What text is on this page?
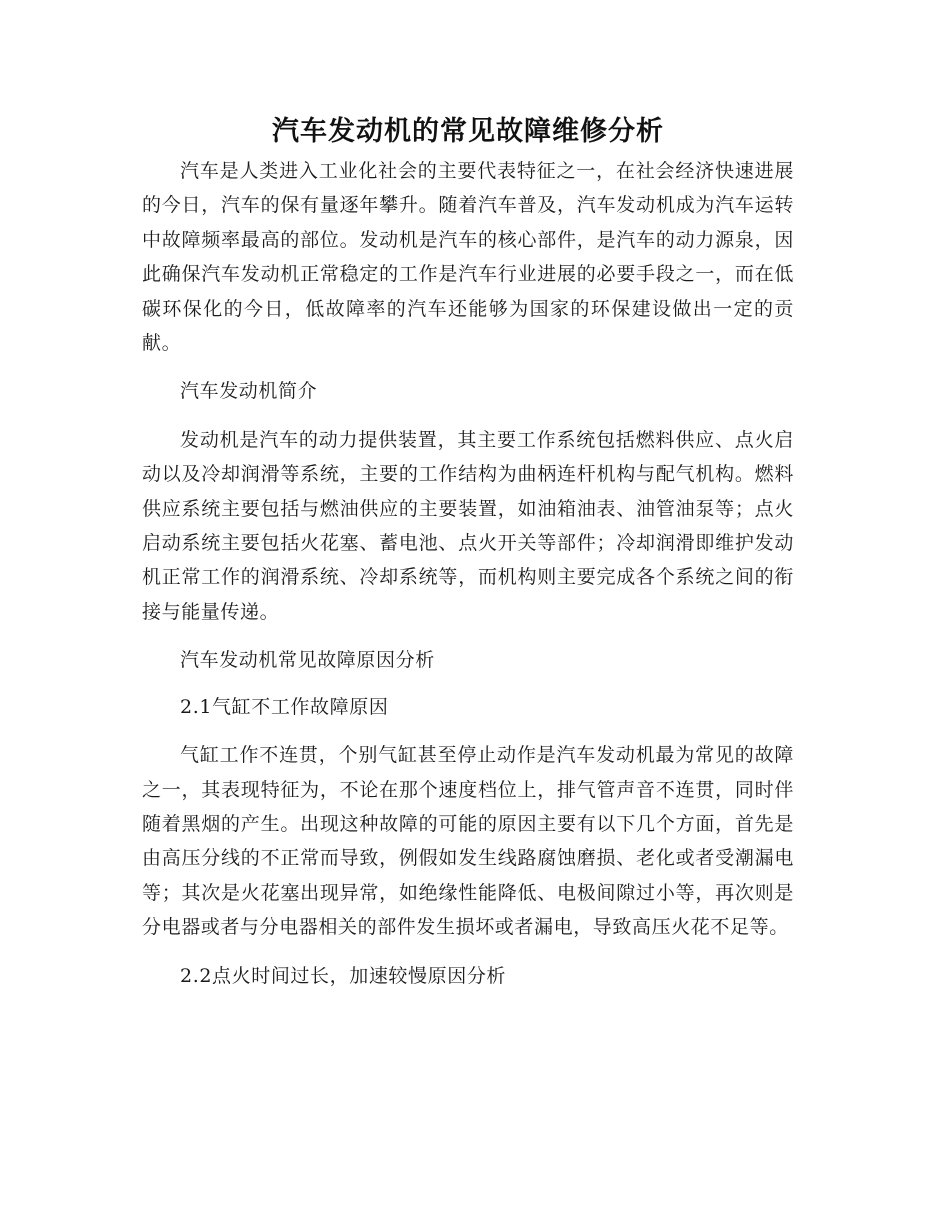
汽车发动机的常见故障维修分析

汽车是人类进入工业化社会的主要代表特征之一，在社会经济快速进展的今日，汽车的保有量逐年攀升。随着汽车普及，汽车发动机成为汽车运转中故障频率最高的部位。发动机是汽车的核心部件，是汽车的动力源泉，因此确保汽车发动机正常稳定的工作是汽车行业进展的必要手段之一，而在低碳环保化的今日，低故障率的汽车还能够为国家的环保建设做出一定的贡献。

汽车发动机简介

发动机是汽车的动力提供装置，其主要工作系统包括燃料供应、点火启动以及冷却润滑等系统，主要的工作结构为曲柄连杆机构与配气机构。燃料供应系统主要包括与燃油供应的主要装置，如油箱油表、油管油泵等；点火启动系统主要包括火花塞、蓄电池、点火开关等部件；冷却润滑即维护发动机正常工作的润滑系统、冷却系统等，而机构则主要完成各个系统之间的衔接与能量传递。

汽车发动机常见故障原因分析

2.1气缸不工作故障原因

气缸工作不连贯，个别气缸甚至停止动作是汽车发动机最为常见的故障之一，其表现特征为，不论在那个速度档位上，排气管声音不连贯，同时伴随着黑烟的产生。出现这种故障的可能的原因主要有以下几个方面，首先是由高压分线的不正常而导致，例假如发生线路腐蚀磨损、老化或者受潮漏电等；其次是火花塞出现异常，如绝缘性能降低、电极间隙过小等，再次则是分电器或者与分电器相关的部件发生损坏或者漏电，导致高压火花不足等。

2.2点火时间过长，加速较慢原因分析
